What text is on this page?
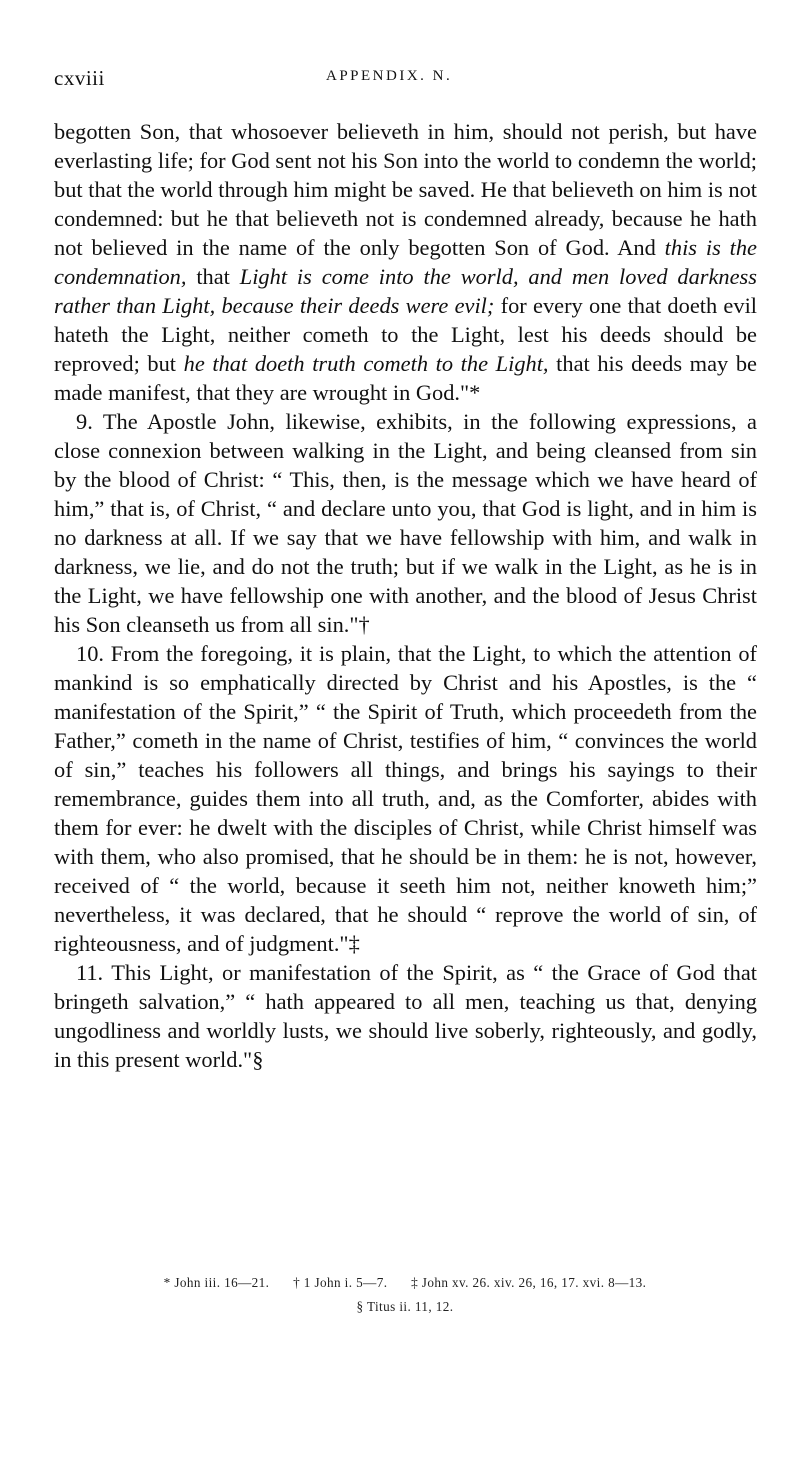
cxviii	APPENDIX. N.

begotten Son, that whosoever believeth in him, should not perish, but have everlasting life; for God sent not his Son into the world to condemn the world; but that the world through him might be saved. He that believeth on him is not condemned: but he that believeth not is condemned already, because he hath not believed in the name of the only begotten Son of God. And this is the condemnation, that Light is come into the world, and men loved darkness rather than Light, because their deeds were evil; for every one that doeth evil hateth the Light, neither cometh to the Light, lest his deeds should be reproved; but he that doeth truth cometh to the Light, that his deeds may be made manifest, that they are wrought in God."*

9. The Apostle John, likewise, exhibits, in the following expressions, a close connexion between walking in the Light, and being cleansed from sin by the blood of Christ: “ This, then, is the message which we have heard of him,” that is, of Christ, “ and declare unto you, that God is light, and in him is no darkness at all. If we say that we have fellowship with him, and walk in darkness, we lie, and do not the truth; but if we walk in the Light, as he is in the Light, we have fellowship one with another, and the blood of Jesus Christ his Son cleanseth us from all sin."†

10. From the foregoing, it is plain, that the Light, to which the attention of mankind is so emphatically directed by Christ and his Apostles, is the “ manifestation of the Spirit,” “ the Spirit of Truth, which proceedeth from the Father,” cometh in the name of Christ, testifies of him, “ convinces the world of sin,” teaches his followers all things, and brings his sayings to their remembrance, guides them into all truth, and, as the Comforter, abides with them for ever: he dwelt with the disciples of Christ, while Christ himself was with them, who also promised, that he should be in them: he is not, however, received of “ the world, because it seeth him not, neither knoweth him;” nevertheless, it was declared, that he should “ reprove the world of sin, of righteousness, and of judgment."‡

11. This Light, or manifestation of the Spirit, as “ the Grace of God that bringeth salvation,” “ hath appeared to all men, teaching us that, denying ungodliness and worldly lusts, we should live soberly, righteously, and godly, in this present world."§

* John iii. 16—21. † 1 John i. 5—7. ‡ John xv. 26. xiv. 26, 16, 17. xvi. 8—13.
§ Titus ii. 11, 12.
